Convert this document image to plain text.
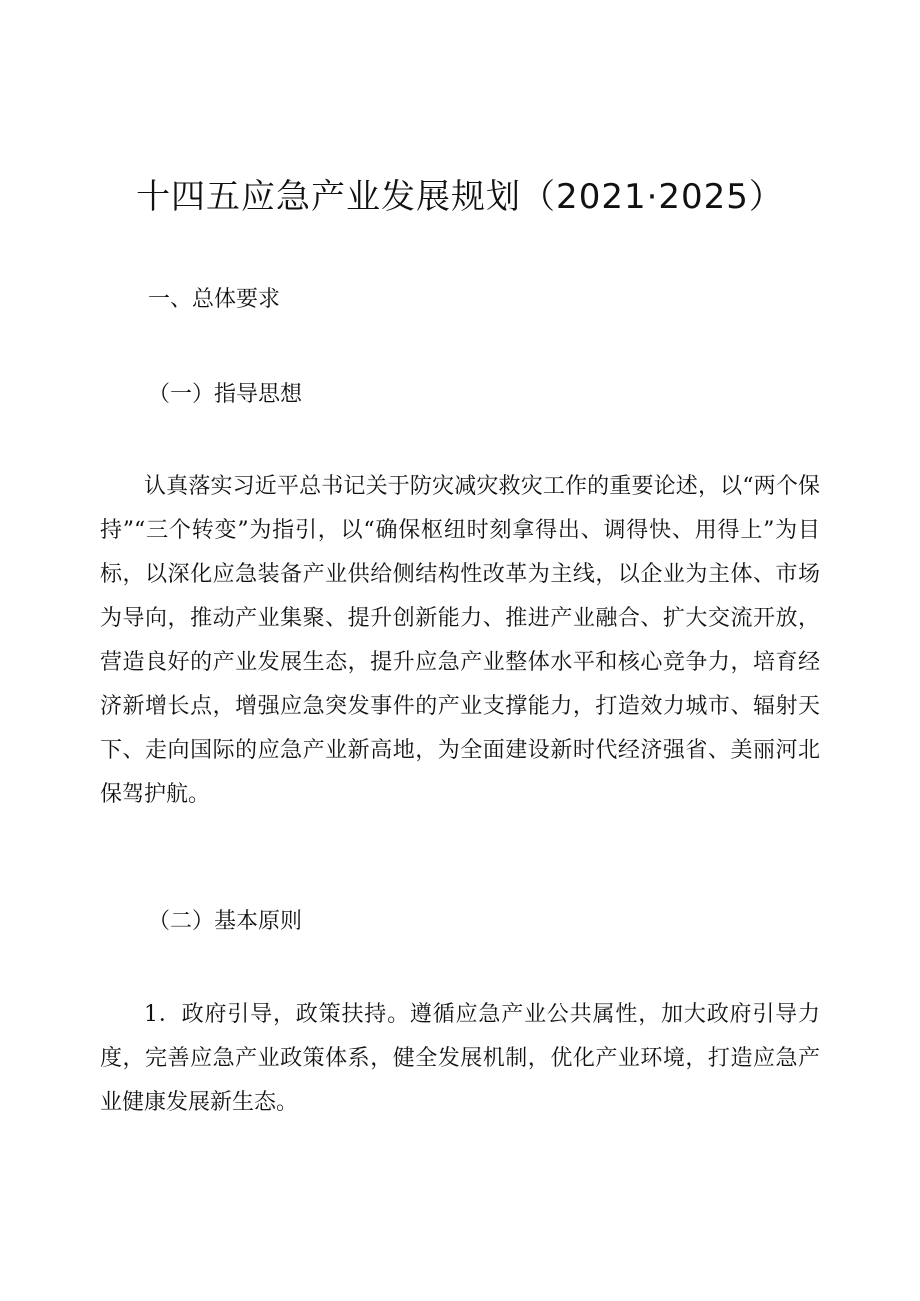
十四五应急产业发展规划（2021·2025）
一、总体要求
（一）指导思想
认真落实习近平总书记关于防灾减灾救灾工作的重要论述，以“两个保持”“三个转变”为指引，以“确保枢纽时刻拿得出、调得快、用得上”为目标，以深化应急装备产业供给侧结构性改革为主线，以企业为主体、市场为导向，推动产业集聚、提升创新能力、推进产业融合、扩大交流开放，营造良好的产业发展生态，提升应急产业整体水平和核心竞争力，培育经济新增长点，增强应急突发事件的产业支撑能力，打造效力城市、辐射天下、走向国际的应急产业新高地，为全面建设新时代经济强省、美丽河北保驾护航。
（二）基本原则
1．政府引导，政策扶持。遵循应急产业公共属性，加大政府引导力度，完善应急产业政策体系，健全发展机制，优化产业环境，打造应急产业健康发展新生态。
